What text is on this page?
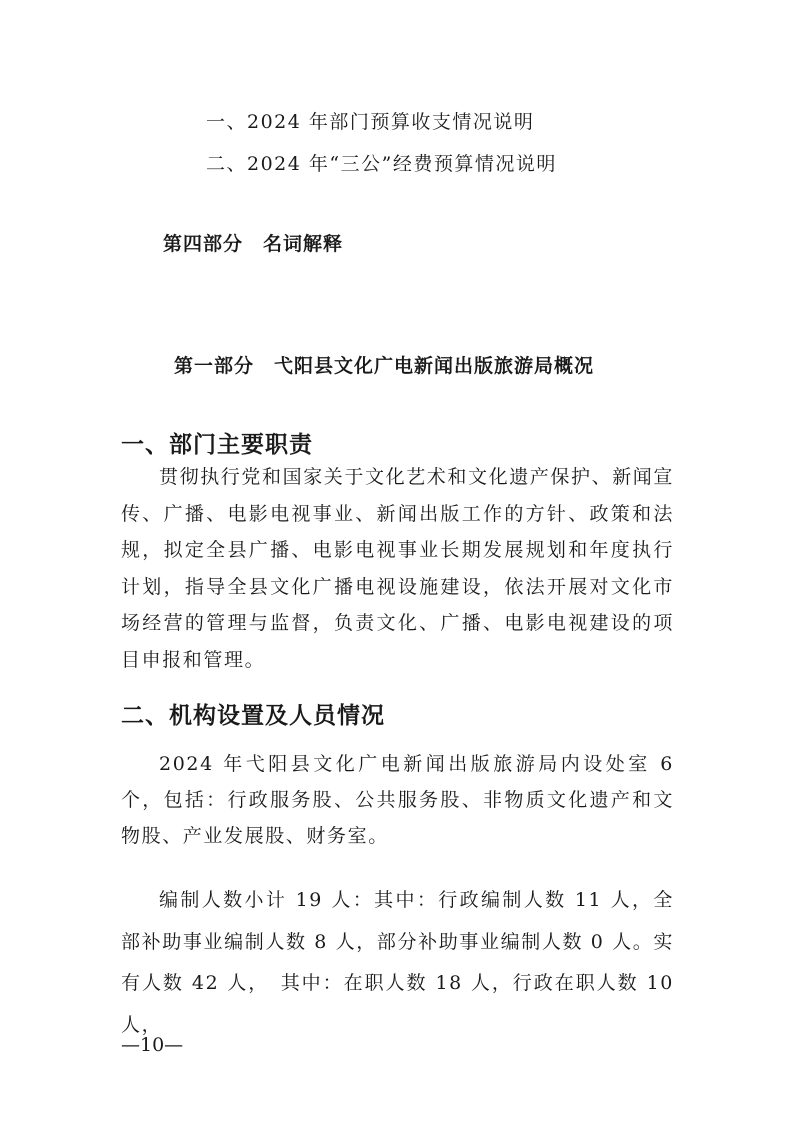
一、2024 年部门预算收支情况说明
二、2024 年“三公”经费预算情况说明
第四部分　名词解释
第一部分　弋阳县文化广电新闻出版旅游局概况
一、部门主要职责
贯彻执行党和国家关于文化艺术和文化遗产保护、新闻宣传、广播、电影电视事业、新闻出版工作的方针、政策和法规，拟定全县广播、电影电视事业长期发展规划和年度执行计划，指导全县文化广播电视设施建设，依法开展对文化市场经营的管理与监督，负责文化、广播、电影电视建设的项目申报和管理。
二、机构设置及人员情况
2024 年弋阳县文化广电新闻出版旅游局内设处室 6个，包括：行政服务股、公共服务股、非物质文化遗产和文物股、产业发展股、财务室。
编制人数小计 19 人：其中：行政编制人数 11 人，全部补助事业编制人数 8 人，部分补助事业编制人数 0 人。实有人数 42 人，　其中：在职人数 18 人，行政在职人数 10 人，
—10—
